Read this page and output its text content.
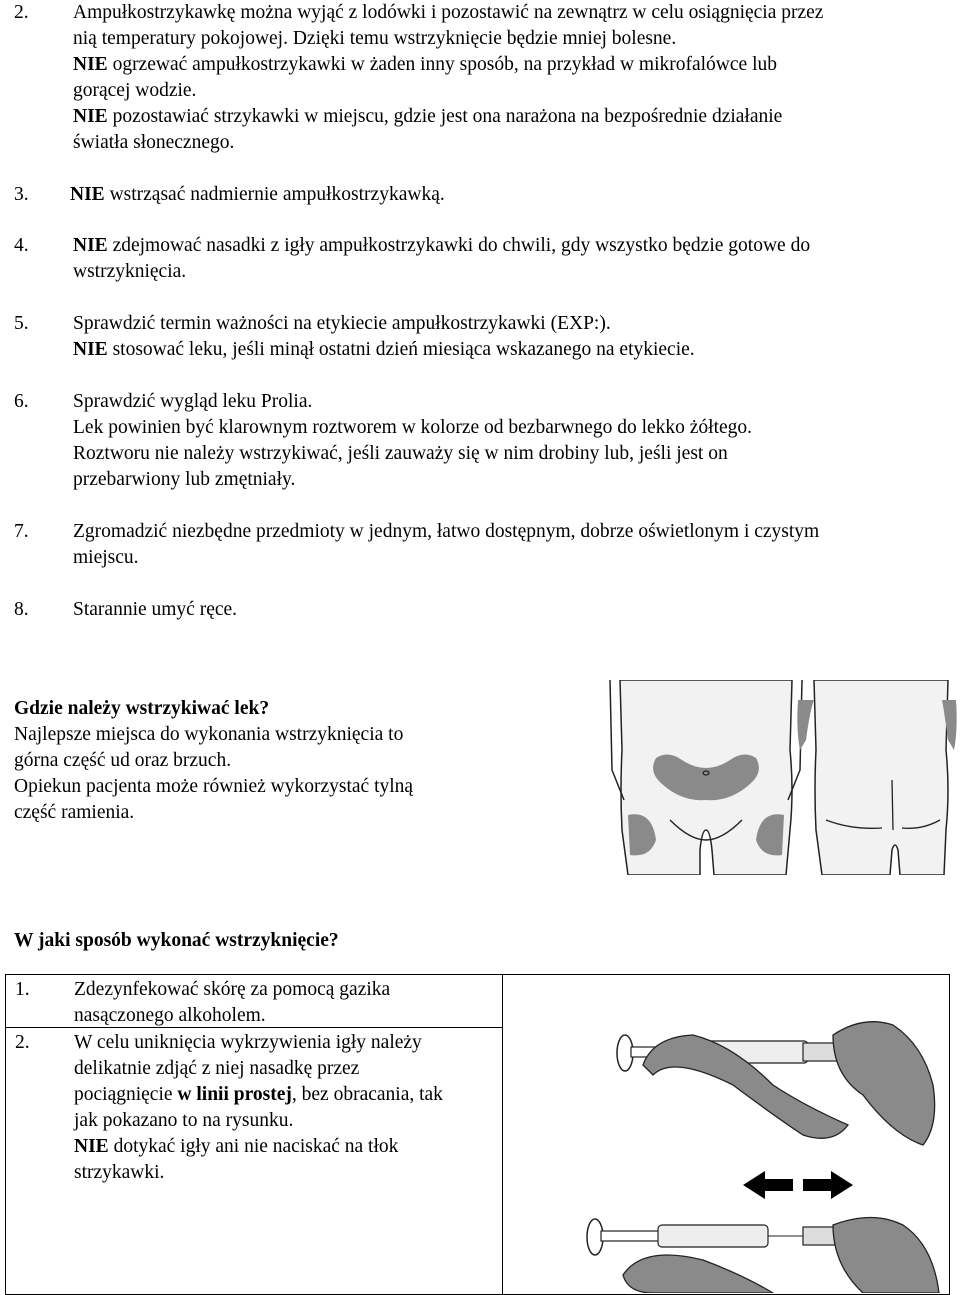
2. Ampułkostrzykawkę można wyjąć z lodówki i pozostawić na zewnątrz w celu osiągnięcia przez
nią temperatury pokojowej. Dzięki temu wstrzyknięcie będzie mniej bolesne.
NIE ogrzewać ampułkostrzykawki w żaden inny sposób, na przykład w mikrofalówce lub
gorącej wodzie.
NIE pozostawiać strzykawki w miejscu, gdzie jest ona narażona na bezpośrednie działanie
światła słonecznego.
3. NIE wstrząsać nadmiernie ampułkostrzykawką.
4. NIE zdejmować nasadki z igły ampułkostrzykawki do chwili, gdy wszystko będzie gotowe do
wstrzyknięcia.
5. Sprawdzić termin ważności na etykiecie ampułkostrzykawki (EXP:).
NIE stosować leku, jeśli minął ostatni dzień miesiąca wskazanego na etykiecie.
6. Sprawdzić wygląd leku Prolia.
Lek powinien być klarownym roztworem w kolorze od bezbarwnego do lekko żółtego.
Roztworu nie należy wstrzykiwać, jeśli zauważy się w nim drobiny lub, jeśli jest on
przebarwiony lub zmętniały.
7. Zgromadzić niezbędne przedmioty w jednym, łatwo dostępnym, dobrze oświetlonym i czystym
miejscu.
8. Starannie umyć ręce.
Gdzie należy wstrzykiwać lek?
Najlepsze miejsca do wykonania wstrzyknięcia to
górna część ud oraz brzuch.
Opiekun pacjenta może również wykorzystać tylną
część ramienia.
W jaki sposób wykonać wstrzyknięcie?
1. Zdezynfekować skórę za pomocą gazika
nasączonego alkoholem.

2. W celu uniknięcia wykrzywienia igły należy
delikatnie zdjąć z niej nasadkę przez
pociągnięcie w linii prostej, bez obracania, tak
jak pokazano to na rysunku.
NIE dotykać igły ani nie naciskać na tłok
strzykawki.
